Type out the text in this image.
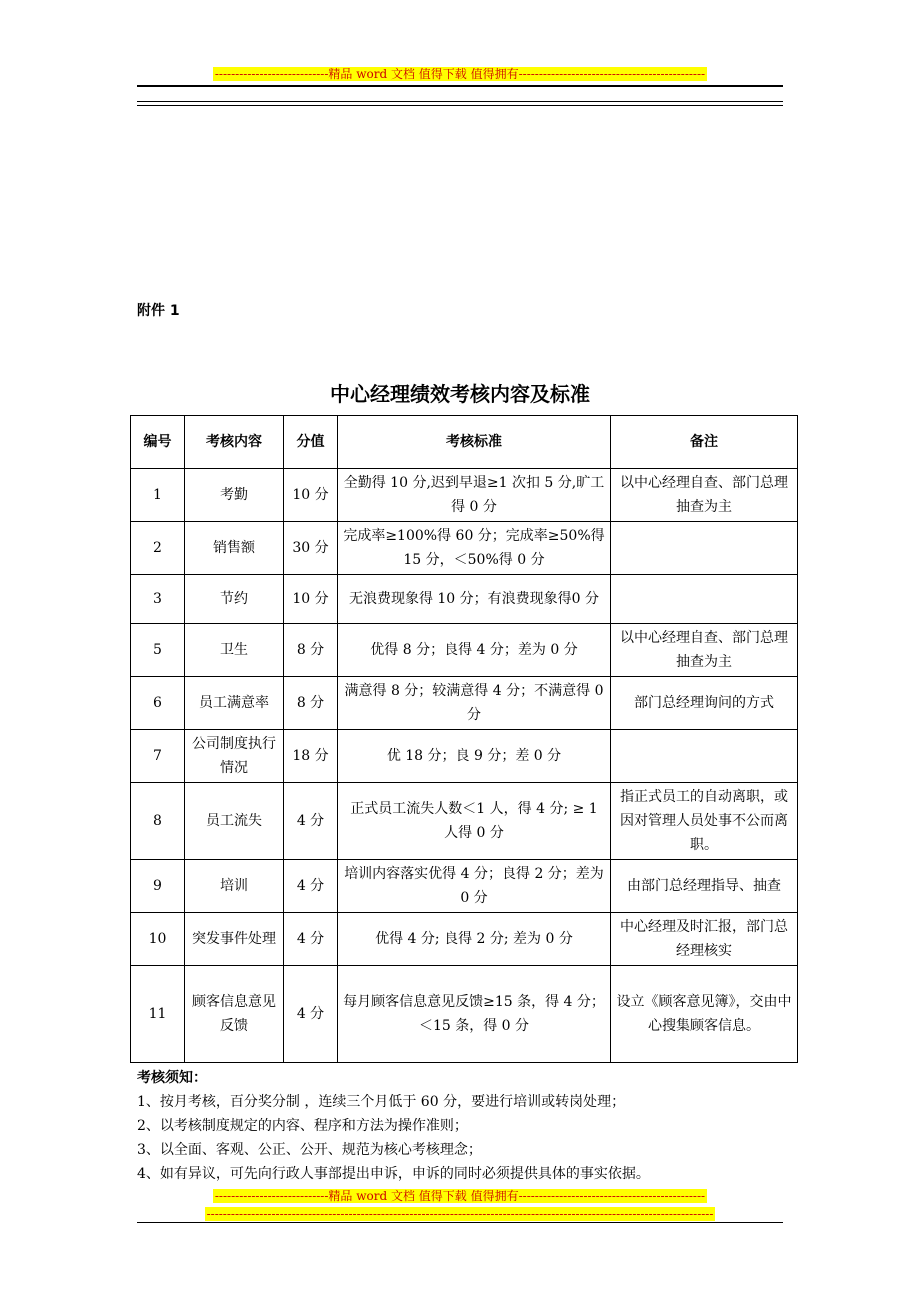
----------------------------精品 word 文档 值得下载 值得拥有----------------------------------------------
附件 1
中心经理绩效考核内容及标准
编号	考核内容	分值	考核标准	备注
1	考勤	10 分	全勤得 10 分,迟到早退≥1 次扣 5 分,旷工得 0 分	以中心经理自查、部门总理抽查为主
2	销售额	30 分	完成率≥100%得 60 分；完成率≥50%得 15 分，＜50%得 0 分	
3	节约	10 分	无浪费现象得 10 分；有浪费现象得0 分	
5	卫生	8 分	优得 8 分；良得 4 分；差为 0 分	以中心经理自查、部门总理抽查为主
6	员工满意率	8 分	满意得 8 分；较满意得 4 分；不满意得 0 分	部门总经理询问的方式
7	公司制度执行情况	18 分	优 18 分；良 9 分；差 0 分	
8	员工流失	4 分	正式员工流失人数＜1 人，得 4 分; ≥ 1 人得 0 分	指正式员工的自动离职，或因对管理人员处事不公而离职。
9	培训	4 分	培训内容落实优得 4 分；良得 2 分；差为 0 分	由部门总经理指导、抽查
10	突发事件处理	4 分	优得 4 分; 良得 2 分; 差为 0 分	中心经理及时汇报，部门总经理核实
11	顾客信息意见反馈	4 分	每月顾客信息意见反馈≥15 条，得 4 分；＜15 条，得 0 分	设立《顾客意见簿》，交由中心搜集顾客信息。

考核须知：

1、按月考核，百分奖分制 ，连续三个月低于 60 分，要进行培训或转岗处理；

2、以考核制度规定的内容、程序和方法为操作准则；

3、以全面、客观、公正、公开、规范为核心考核理念；

4、如有异议，可先向行政人事部提出申诉，申诉的同时必须提供具体的事实依据。

----------------------------精品 word 文档 值得下载 值得拥有----------------------------------------------
-----------------------------------------------------------------------------------------------------------------------------
